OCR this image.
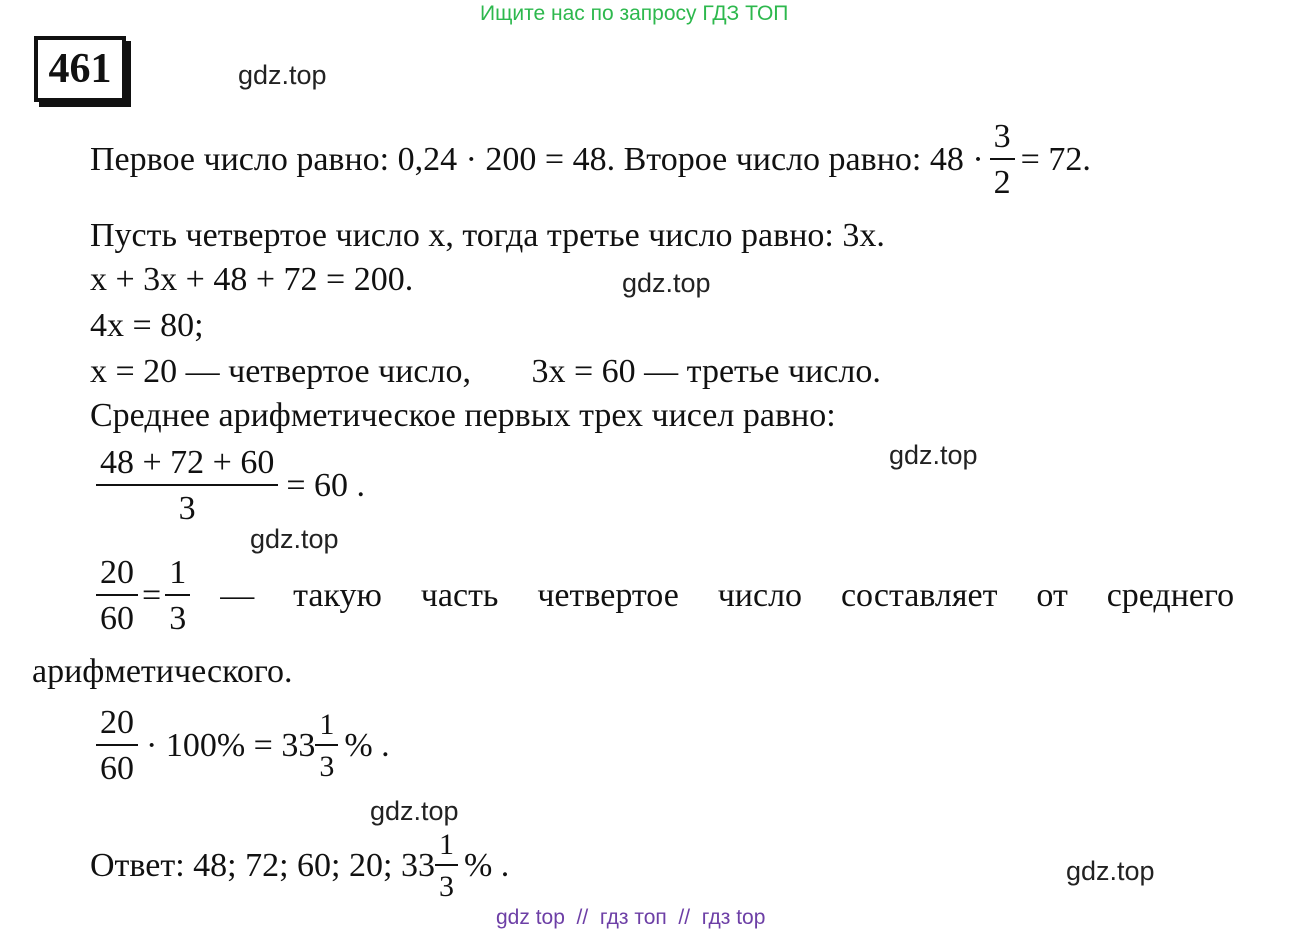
Ищите нас по запросу ГДЗ ТОП
461	gdz.top
gdz.top
gdz.top
gdz.top
gdz.top
gdz.top
Первое число равно: 0,24 · 200 = 48. Второе число равно: $48 \cdot \frac{3}{2} = 72$.
Пусть четвертое число x, тогда третье число равно: 3x.
x + 3x + 48 + 72 = 200.
4x = 80;
x = 20 — четвертое число, 3x = 60 — третье число.
Среднее арифметическое первых трех чисел равно:
$\frac{48 + 72 + 60}{3} = 60$ .
$\frac{20}{60} = \frac{1}{3}$ — такую часть четвертое число составляет от среднего
арифметического.
$\frac{20}{60} \cdot 100\% = 33 \frac{1}{3}$ % .
Ответ: 48; 72; 60; 20; $33 \frac{1}{3}$ % .
gdz top  //  гдз топ  //  гдз top
